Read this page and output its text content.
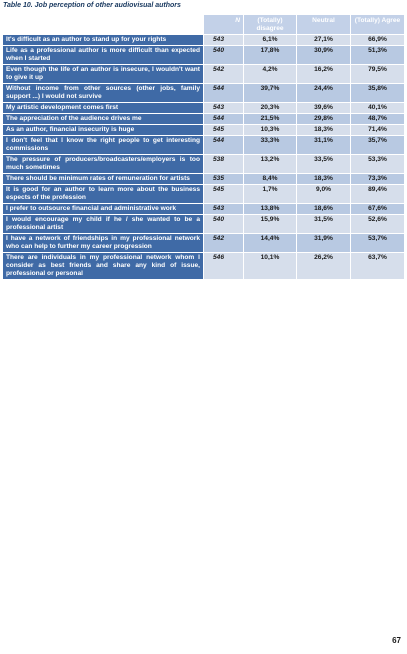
Table 10. Job perception of other audiovisual authors
	N	(Totally) disagree	Neutral	(Totally) Agree
It's difficult as an author to stand up for your rights	543	6,1%	27,1%	66,9%
Life as a professional author is more difficult than expected when I started	540	17,8%	30,9%	51,3%
Even though the life of an author is insecure, I wouldn't want to give it up	542	4,2%	16,2%	79,5%
Without income from other sources (other jobs, family support ...) I would not survive	544	39,7%	24,4%	35,8%
My artistic development comes first	543	20,3%	39,6%	40,1%
The appreciation of the audience drives me	544	21,5%	29,8%	48,7%
As an author, financial insecurity is huge	545	10,3%	18,3%	71,4%
I don't feel that I know the right people to get interesting commissions	544	33,3%	31,1%	35,7%
The pressure of producers/broadcasters/employers is too much sometimes	538	13,2%	33,5%	53,3%
There should be minimum rates of remuneration for artists	535	8,4%	18,3%	73,3%
It is good for an author to learn more about the business espects of the profession	545	1,7%	9,0%	89,4%
I prefer to outsource financial and administrative work	543	13,8%	18,6%	67,6%
I would encourage my child if he / she wanted to be a professional artist	540	15,9%	31,5%	52,6%
I have a network of friendships in my professional network who can help to further my career progression	542	14,4%	31,9%	53,7%
There are individuals in my professional network whom I consider as best friends and share any kind of issue, professional or personal	546	10,1%	26,2%	63,7%
67
